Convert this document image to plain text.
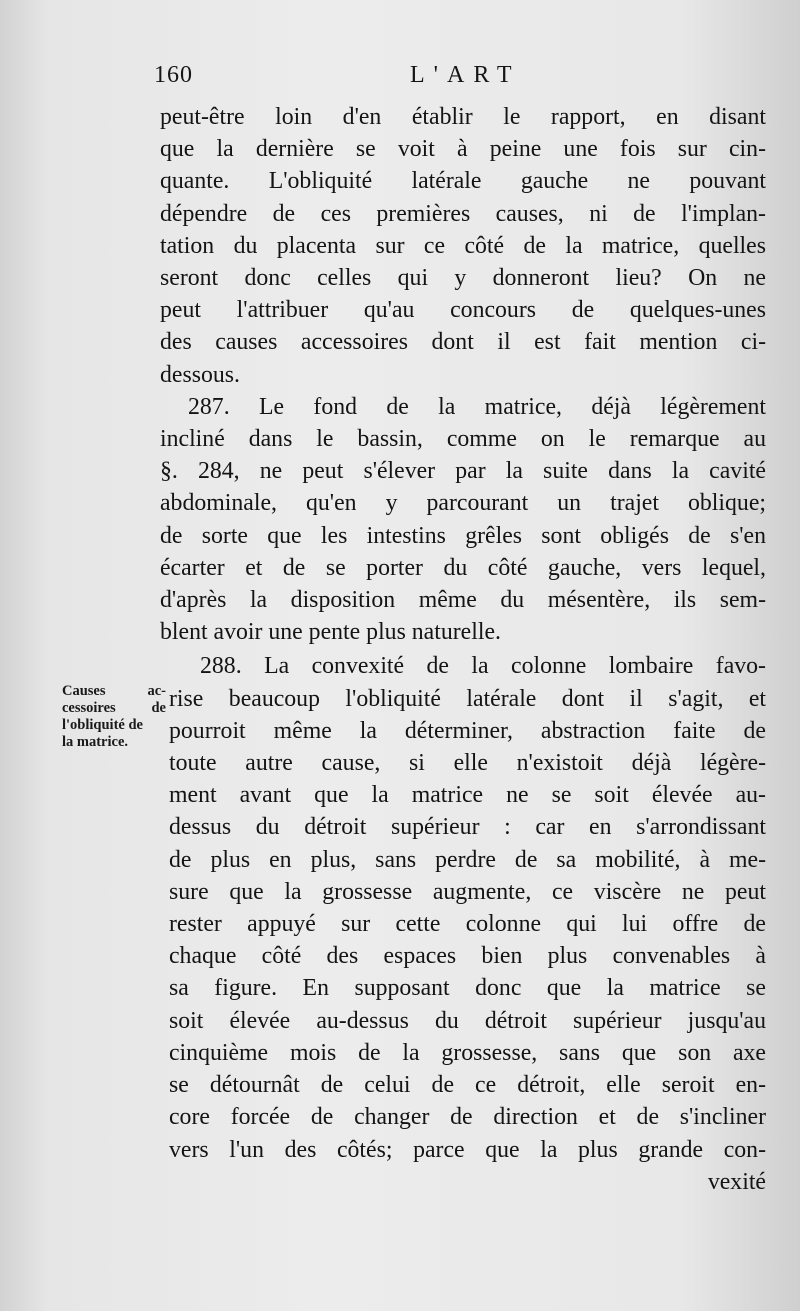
160	L'ART
Causes ac-
cessoires de
l'obliquité de
la matrice.
peut-être loin d'en établir le rapport, en disant
que la dernière se voit à peine une fois sur cin-
quante. L'obliquité latérale gauche ne pouvant
dépendre de ces premières causes, ni de l'implan-
tation du placenta sur ce côté de la matrice, quelles
seront donc celles qui y donneront lieu? On ne
peut l'attribuer qu'au concours de quelques-unes
des causes accessoires dont il est fait mention ci-
dessous.
287. Le fond de la matrice, déjà légèrement
incliné dans le bassin, comme on le remarque au
§. 284, ne peut s'élever par la suite dans la cavité
abdominale, qu'en y parcourant un trajet oblique;
de sorte que les intestins grêles sont obligés de s'en
écarter et de se porter du côté gauche, vers lequel,
d'après la disposition même du mésentère, ils sem-
blent avoir une pente plus naturelle.
288. La convexité de la colonne lombaire favo-
rise beaucoup l'obliquité latérale dont il s'agit, et
pourroit même la déterminer, abstraction faite de
toute autre cause, si elle n'existoit déjà légère-
ment avant que la matrice ne se soit élevée au-
dessus du détroit supérieur : car en s'arrondissant
de plus en plus, sans perdre de sa mobilité, à me-
sure que la grossesse augmente, ce viscère ne peut
rester appuyé sur cette colonne qui lui offre de
chaque côté des espaces bien plus convenables à
sa figure. En supposant donc que la matrice se
soit élevée au-dessus du détroit supérieur jusqu'au
cinquième mois de la grossesse, sans que son axe
se détournât de celui de ce détroit, elle seroit en-
core forcée de changer de direction et de s'incliner
vers l'un des côtés; parce que la plus grande con-
vexité
